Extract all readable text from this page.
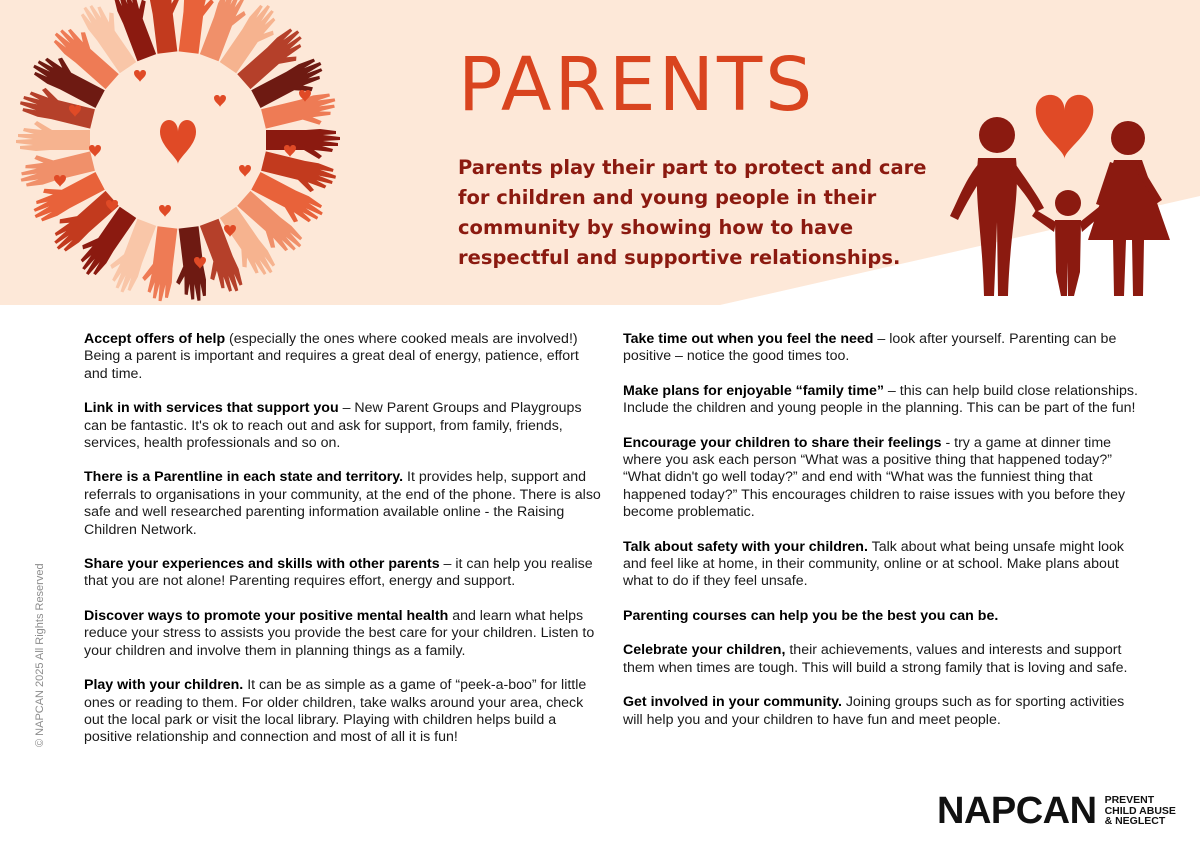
PARENTS

Parents play their part to protect and care for children and young people in their community by showing how to have respectful and supportive relationships.

Accept offers of help (especially the ones where cooked meals are involved!) Being a parent is important and requires a great deal of energy, patience, effort and time.

Link in with services that support you – New Parent Groups and Playgroups can be fantastic. It's ok to reach out and ask for support, from family, friends, services, health professionals and so on.

There is a Parentline in each state and territory. It provides help, support and referrals to organisations in your community, at the end of the phone. There is also safe and well researched parenting information available online - the Raising Children Network.

Share your experiences and skills with other parents – it can help you realise that you are not alone! Parenting requires effort, energy and support.

Discover ways to promote your positive mental health and learn what helps reduce your stress to assists you provide the best care for your children. Listen to your children and involve them in planning things as a family.

Play with your children. It can be as simple as a game of “peek-a-boo” for little ones or reading to them. For older children, take walks around your area, check out the local park or visit the local library. Playing with children helps build a positive relationship and connection and most of all it is fun!

Take time out when you feel the need – look after yourself. Parenting can be positive – notice the good times too.

Make plans for enjoyable “family time” – this can help build close relationships. Include the children and young people in the planning. This can be part of the fun!

Encourage your children to share their feelings - try a game at dinner time where you ask each person “What was a positive thing that happened today?” “What didn't go well today?” and end with “What was the funniest thing that happened today?” This encourages children to raise issues with you before they become problematic.

Talk about safety with your children. Talk about what being unsafe might look and feel like at home, in their community, online or at school. Make plans about what to do if they feel unsafe.

Parenting courses can help you be the best you can be.

Celebrate your children, their achievements, values and interests and support them when times are tough. This will build a strong family that is loving and safe.

Get involved in your community. Joining groups such as for sporting activities will help you and your children to have fun and meet people.

© NAPCAN 2025 All Rights Reserved
NAPCAN PREVENT
CHILD ABUSE
& NEGLECT
